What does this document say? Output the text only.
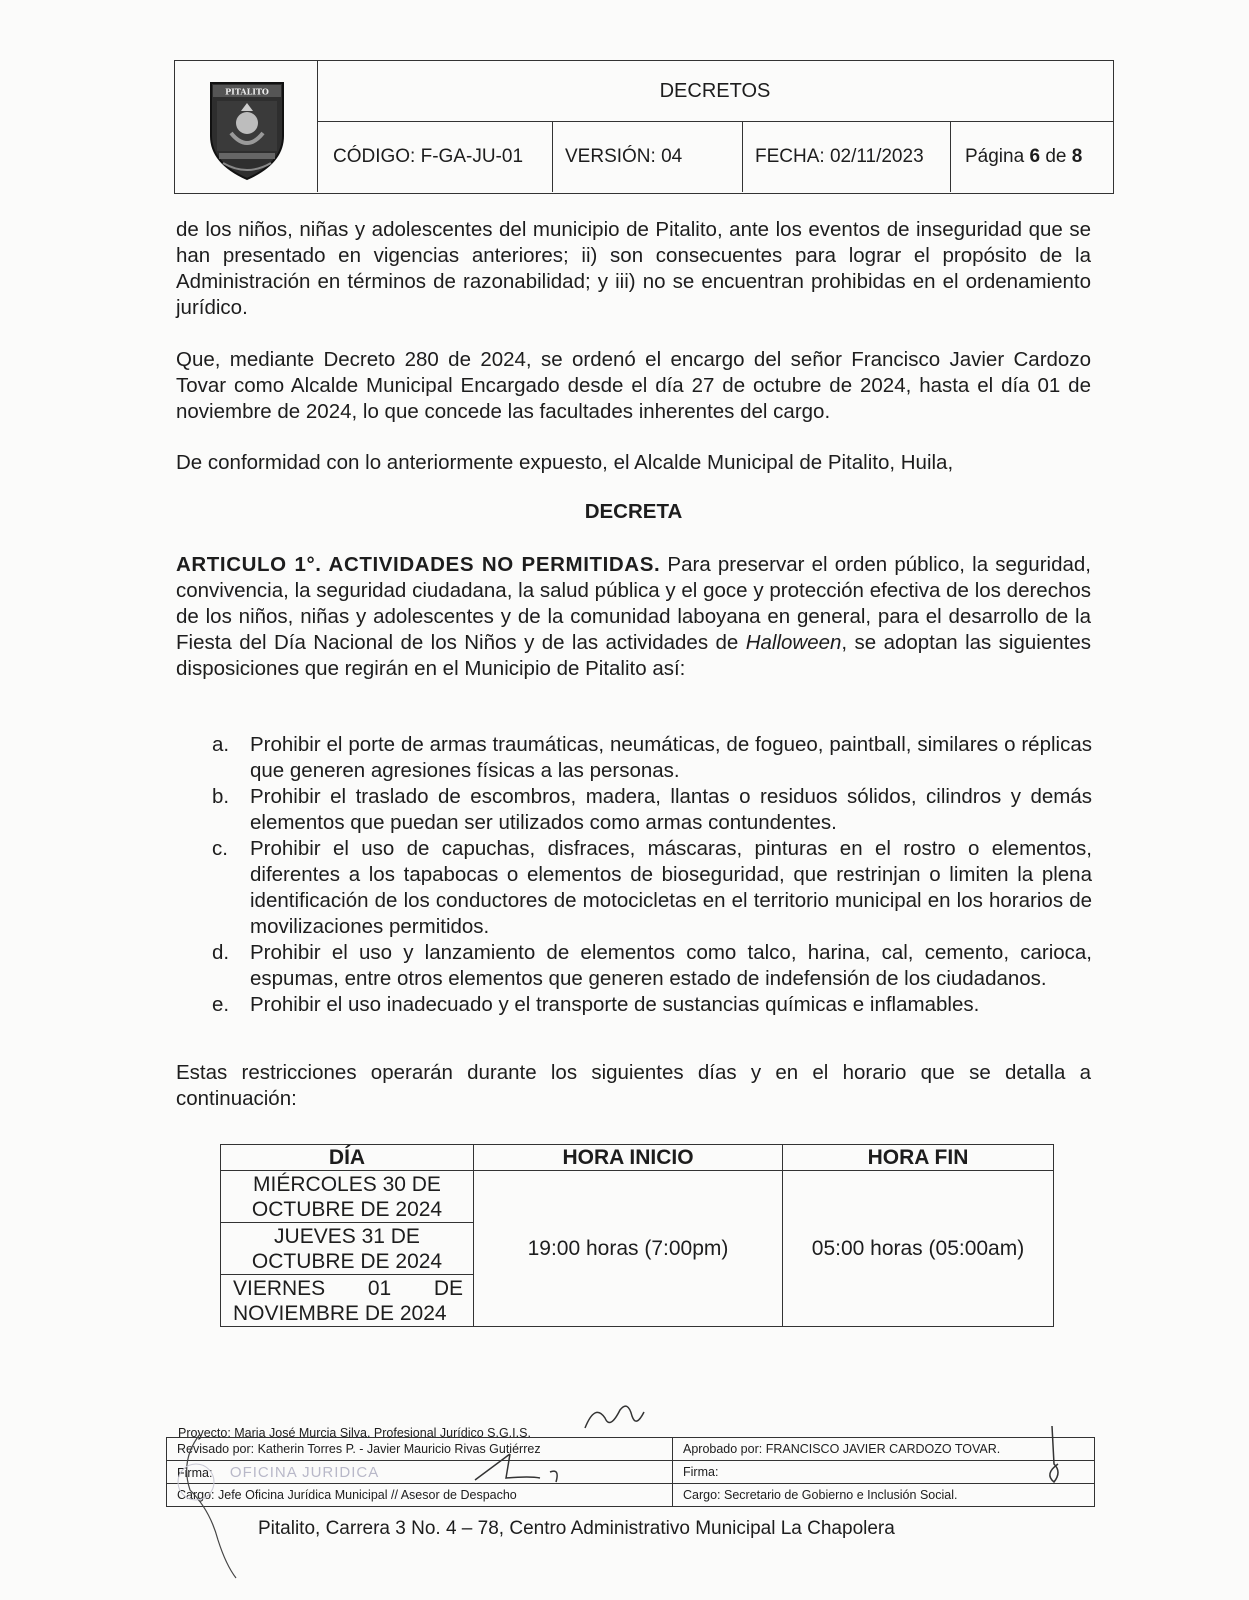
PITALITO	DECRETOS
CÓDIGO: F-GA-JU-01	VERSIÓN: 04	FECHA: 02/11/2023	Página
6
de
8
de los niños, niñas y adolescentes del municipio de Pitalito, ante los eventos de inseguridad que se han presentado en vigencias anteriores; ii) son consecuentes para lograr el propósito de la Administración en términos de razonabilidad; y iii) no se encuentran prohibidas en el ordenamiento jurídico.
Que, mediante Decreto 280 de 2024, se ordenó el encargo del señor Francisco Javier Cardozo Tovar como Alcalde Municipal Encargado desde el día 27 de octubre de 2024, hasta el día 01 de noviembre de 2024, lo que concede las facultades inherentes del cargo.
De conformidad con lo anteriormente expuesto, el Alcalde Municipal de Pitalito, Huila,
DECRETA
ARTICULO 1°. ACTIVIDADES NO PERMITIDAS. Para preservar el orden público, la seguridad, convivencia, la seguridad ciudadana, la salud pública y el goce y protección efectiva de los derechos de los niños, niñas y adolescentes y de la comunidad laboyana en general, para el desarrollo de la Fiesta del Día Nacional de los Niños y de las actividades de Halloween, se adoptan las siguientes disposiciones que regirán en el Municipio de Pitalito así:
a.	Prohibir el porte de armas traumáticas, neumáticas, de fogueo, paintball, similares o réplicas que generen agresiones físicas a las personas.
b.	Prohibir el traslado de escombros, madera, llantas o residuos sólidos, cilindros y demás elementos que puedan ser utilizados como armas contundentes.
c.	Prohibir el uso de capuchas, disfraces, máscaras, pinturas en el rostro o elementos, diferentes a los tapabocas o elementos de bioseguridad, que restrinjan o limiten la plena identificación de los conductores de motocicletas en el territorio municipal en los horarios de movilizaciones permitidos.
d.	Prohibir el uso y lanzamiento de elementos como talco, harina, cal, cemento, carioca, espumas, entre otros elementos que generen estado de indefensión de los ciudadanos.
e.	Prohibir el uso inadecuado y el transporte de sustancias químicas e inflamables.
Estas restricciones operarán durante los siguientes días y en el horario que se detalla a continuación:
DÍA	HORA INICIO	HORA FIN
MIÉRCOLES 30 DE OCTUBRE DE 2024	19:00 horas (7:00pm)	05:00 horas (05:00am)
JUEVES 31 DE OCTUBRE DE 2024		

VIERNES 01 DE
NOVIEMBRE DE 2024		
Proyecto: Maria José Murcia Silva. Profesional Jurídico S.G.I.S.
Revisado por: Katherin Torres P. - Javier Mauricio Rivas Gutiérrez	Aprobado por: FRANCISCO JAVIER CARDOZO TOVAR.
Firma: OFICINA JURIDICA	Firma:
Cargo: Jefe Oficina Jurídica Municipal // Asesor de Despacho	Cargo: Secretario de Gobierno e Inclusión Social.
Pitalito, Carrera 3 No. 4 – 78, Centro Administrativo Municipal La Chapolera
